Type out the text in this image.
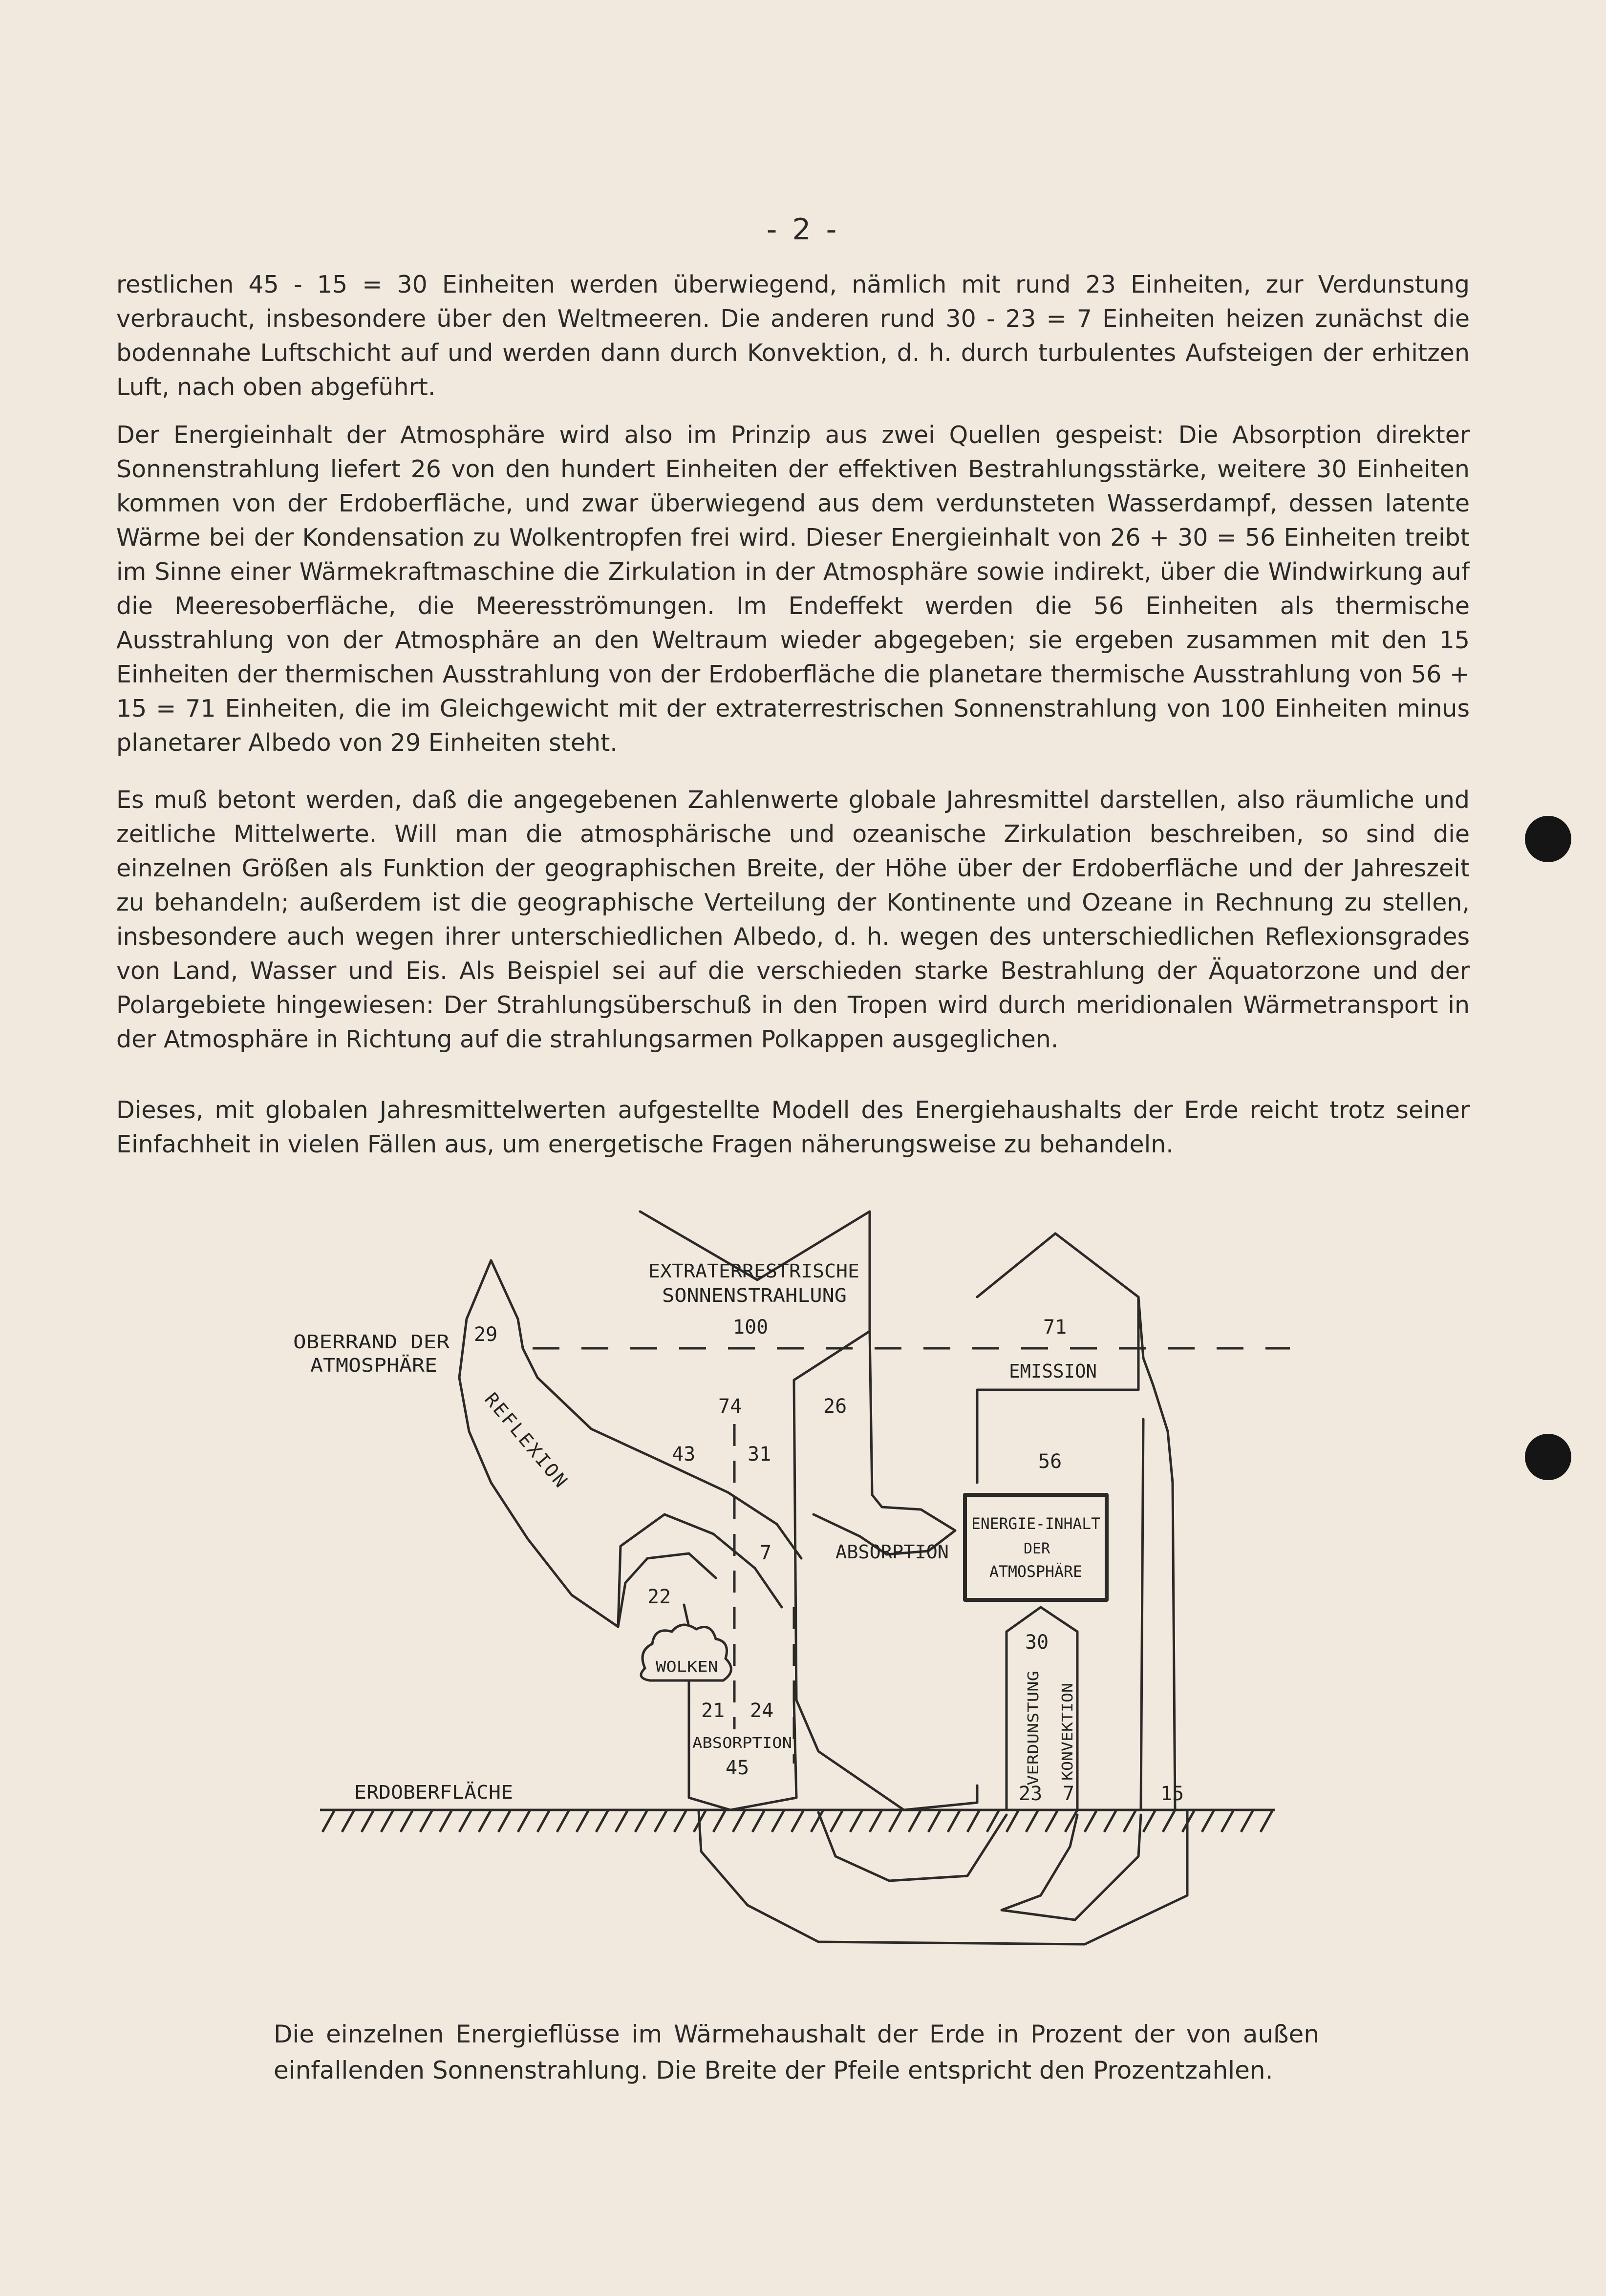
- 2 -

restlichen 45 - 15 = 30 Einheiten werden überwiegend, nämlich mit rund 23 Einheiten, zur Verdunstung verbraucht, insbesondere über den Weltmeeren. Die anderen rund 30 - 23 = 7 Einheiten heizen zunächst die bodennahe Luftschicht auf und werden dann durch Konvektion, d. h. durch turbulentes Aufsteigen der erhitzen Luft, nach oben abgeführt.

Der Energieinhalt der Atmosphäre wird also im Prinzip aus zwei Quellen gespeist: Die Absorption direkter Sonnenstrahlung liefert 26 von den hundert Einheiten der effektiven Bestrahlungsstärke, weitere 30 Einheiten kommen von der Erdoberfläche, und zwar überwiegend aus dem verdunsteten Wasserdampf, dessen latente Wärme bei der Kondensation zu Wolkentropfen frei wird. Dieser Energieinhalt von 26 + 30 = 56 Einheiten treibt im Sinne einer Wärmekraftmaschine die Zirkulation in der Atmosphäre sowie indirekt, über die Windwirkung auf die Meeresoberfläche, die Meeresströmungen. Im Endeffekt werden die 56 Einheiten als thermische Ausstrahlung von der Atmosphäre an den Weltraum wieder abgegeben; sie ergeben zusammen mit den 15 Einheiten der thermischen Ausstrahlung von der Erdoberfläche die planetare thermische Ausstrahlung von 56 + 15 = 71 Einheiten, die im Gleichgewicht mit der extraterrestrischen Sonnenstrahlung von 100 Einheiten minus planetarer Albedo von 29 Einheiten steht.

Es muß betont werden, daß die angegebenen Zahlenwerte globale Jahresmittel darstellen, also räumliche und zeitliche Mittelwerte. Will man die atmosphärische und ozeanische Zirkulation beschreiben, so sind die einzelnen Größen als Funktion der geographischen Breite, der Höhe über der Erdoberfläche und der Jahreszeit zu behandeln; außerdem ist die geographische Verteilung der Kontinente und Ozeane in Rechnung zu stellen, insbesondere auch wegen ihrer unterschiedlichen Albedo, d. h. wegen des unterschiedlichen Reflexionsgrades von Land, Wasser und Eis. Als Beispiel sei auf die verschieden starke Bestrahlung der Äquatorzone und der Polargebiete hingewiesen: Der Strahlungsüberschuß in den Tropen wird durch meridionalen Wärmetransport in der Atmosphäre in Richtung auf die strahlungsarmen Polkappen ausgeglichen.

Dieses, mit globalen Jahresmittelwerten aufgestellte Modell des Energiehaushalts der Erde reicht trotz seiner Einfachheit in vielen Fällen aus, um energetische Fragen näherungsweise zu behandeln.

OBERRAND DER
ATMOSPHÄRE
29
REFLEXION
EXTRATERRESTRISCHE
SONNENSTRAHLUNG
100
74
43	31
26
7
22
WOLKEN
ABSORPTION
ENERGIE-INHALT
DER
ATMOSPHÄRE
71
EMISSION
56
30
VERDUNSTUNG KONVEKTION
23 7	15
21 24
ABSORPTION
45
ERDOBERFLÄCHE

Die einzelnen Energieflüsse im Wärmehaushalt der Erde in Prozent der von außen einfallenden Sonnenstrahlung. Die Breite der Pfeile entspricht den Prozentzahlen.
